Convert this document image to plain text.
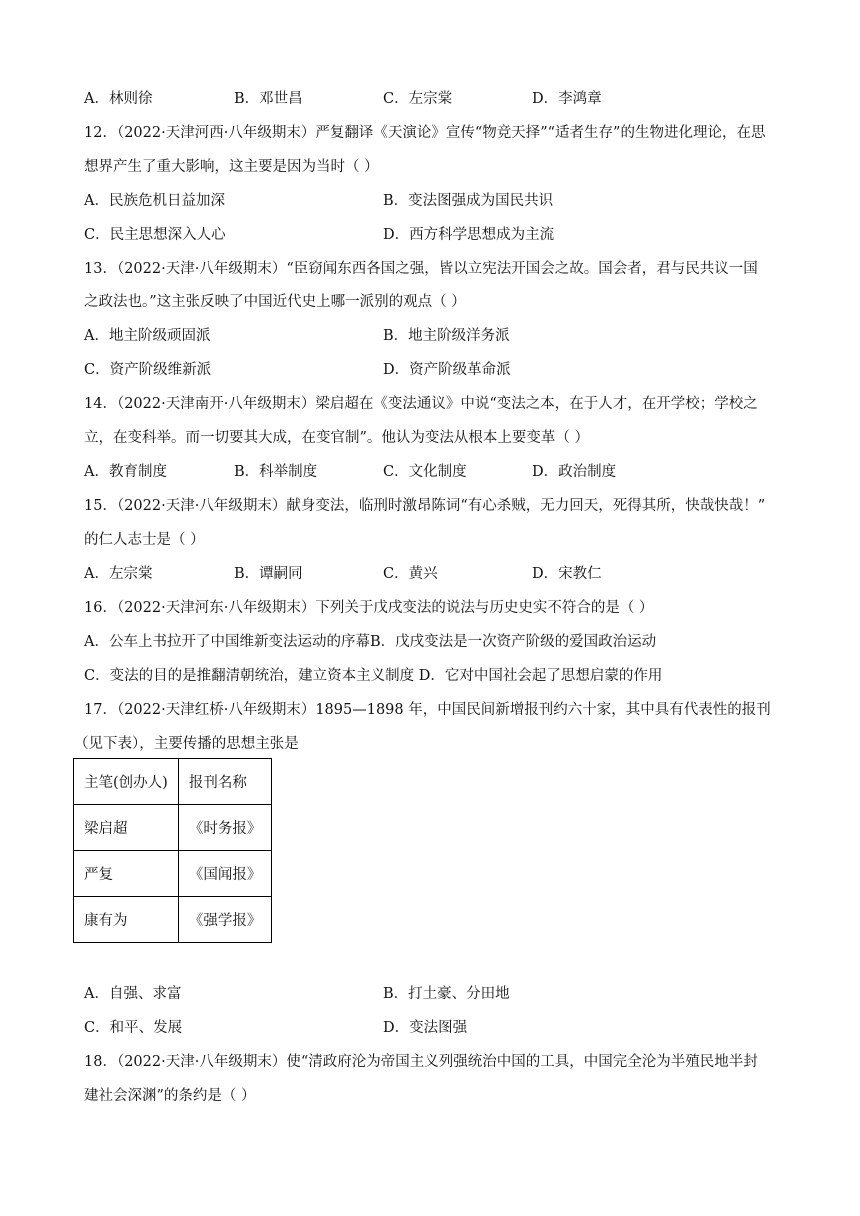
A．林则徐	B．邓世昌	C．左宗棠	D．李鸿章
12．（2022·天津河西·八年级期末）严复翻译《天演论》宣传“物竞天择”“适者生存”的生物进化理论，在思
想界产生了重大影响，这主要是因为当时（ ）
A．民族危机日益加深	B．变法图强成为国民共识
C．民主思想深入人心	D．西方科学思想成为主流
13．（2022·天津·八年级期末）“臣窃闻东西各国之强，皆以立宪法开国会之故。国会者，君与民共议一国
之政法也。”这主张反映了中国近代史上哪一派别的观点（ ）
A．地主阶级顽固派	B．地主阶级洋务派
C．资产阶级维新派	D．资产阶级革命派
14．（2022·天津南开·八年级期末）梁启超在《变法通议》中说“变法之本，在于人才，在开学校；学校之
立，在变科举。而一切要其大成，在变官制”。他认为变法从根本上要变革（ ）
A．教育制度	B．科举制度	C．文化制度	D．政治制度
15．（2022·天津·八年级期末）献身变法，临刑时激昂陈词“有心杀贼，无力回天，死得其所，快哉快哉！”
的仁人志士是（ ）
A．左宗棠	B．谭嗣同	C．黄兴	D．宋教仁
16．（2022·天津河东·八年级期末）下列关于戊戌变法的说法与历史史实不符合的是（ ）
A．公车上书拉开了中国维新变法运动的序幕B．戊戌变法是一次资产阶级的爱国政治运动
C．变法的目的是推翻清朝统治，建立资本主义制度 D．它对中国社会起了思想启蒙的作用
17．（2022·天津红桥·八年级期末）1895—1898 年，中国民间新增报刊约六十家，其中具有代表性的报刊
（见下表），主要传播的思想主张是
主笔(创办人)	报刊名称
梁启超	《时务报》
严复	《国闻报》
康有为	《强学报》
A．自强、求富	B．打土豪、分田地
C．和平、发展	D．变法图强
18．（2022·天津·八年级期末）使“清政府沦为帝国主义列强统治中国的工具，中国完全沦为半殖民地半封
建社会深渊”的条约是（ ）
